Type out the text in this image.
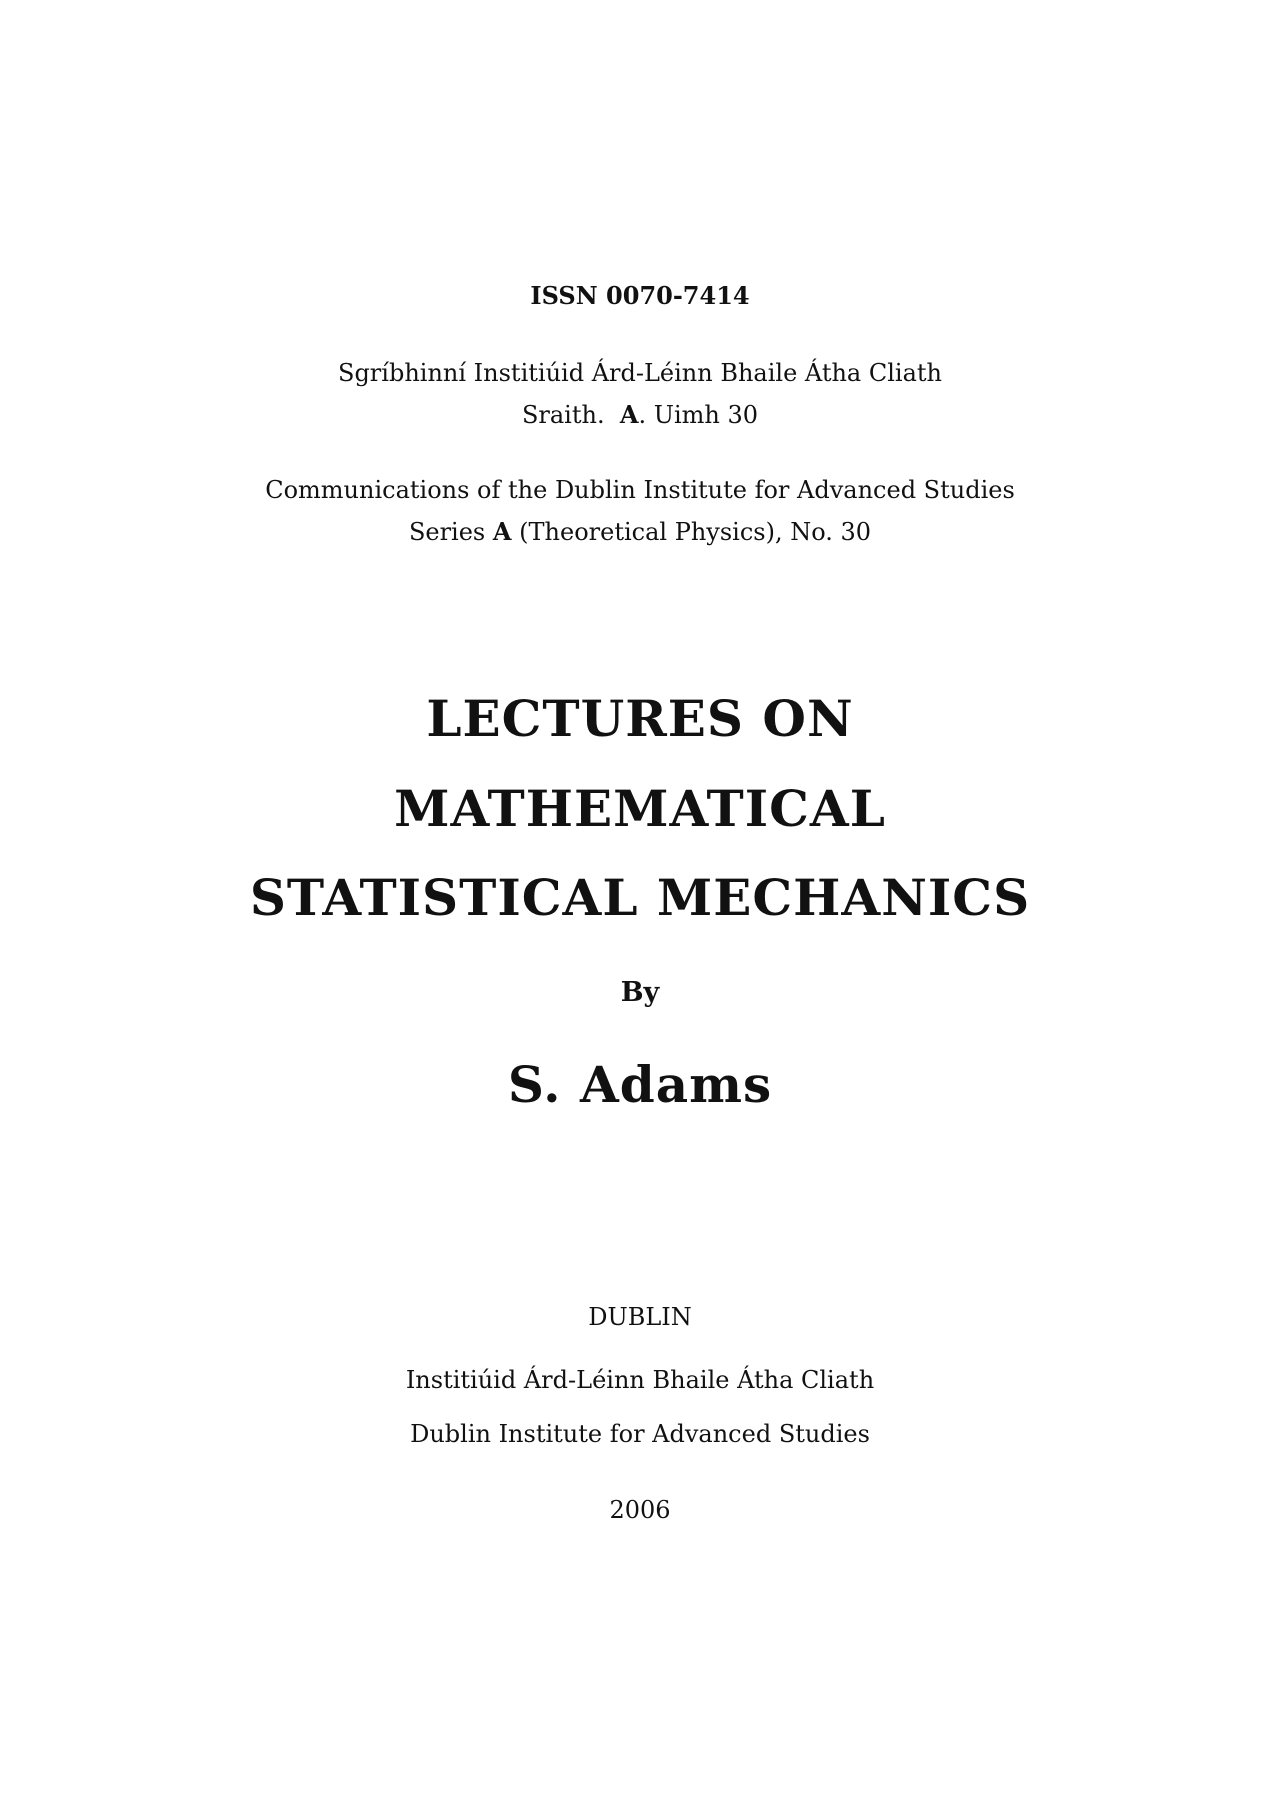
ISSN 0070-7414
Sgríbhinní Institiúid Árd-Léinn Bhaile Átha Cliath
Sraith. A. Uimh 30
Communications of the Dublin Institute for Advanced Studies
Series A (Theoretical Physics), No. 30
LECTURES ON
MATHEMATICAL
STATISTICAL MECHANICS
By
S. Adams
DUBLIN
Institiúid Árd-Léinn Bhaile Átha Cliath
Dublin Institute for Advanced Studies
2006
